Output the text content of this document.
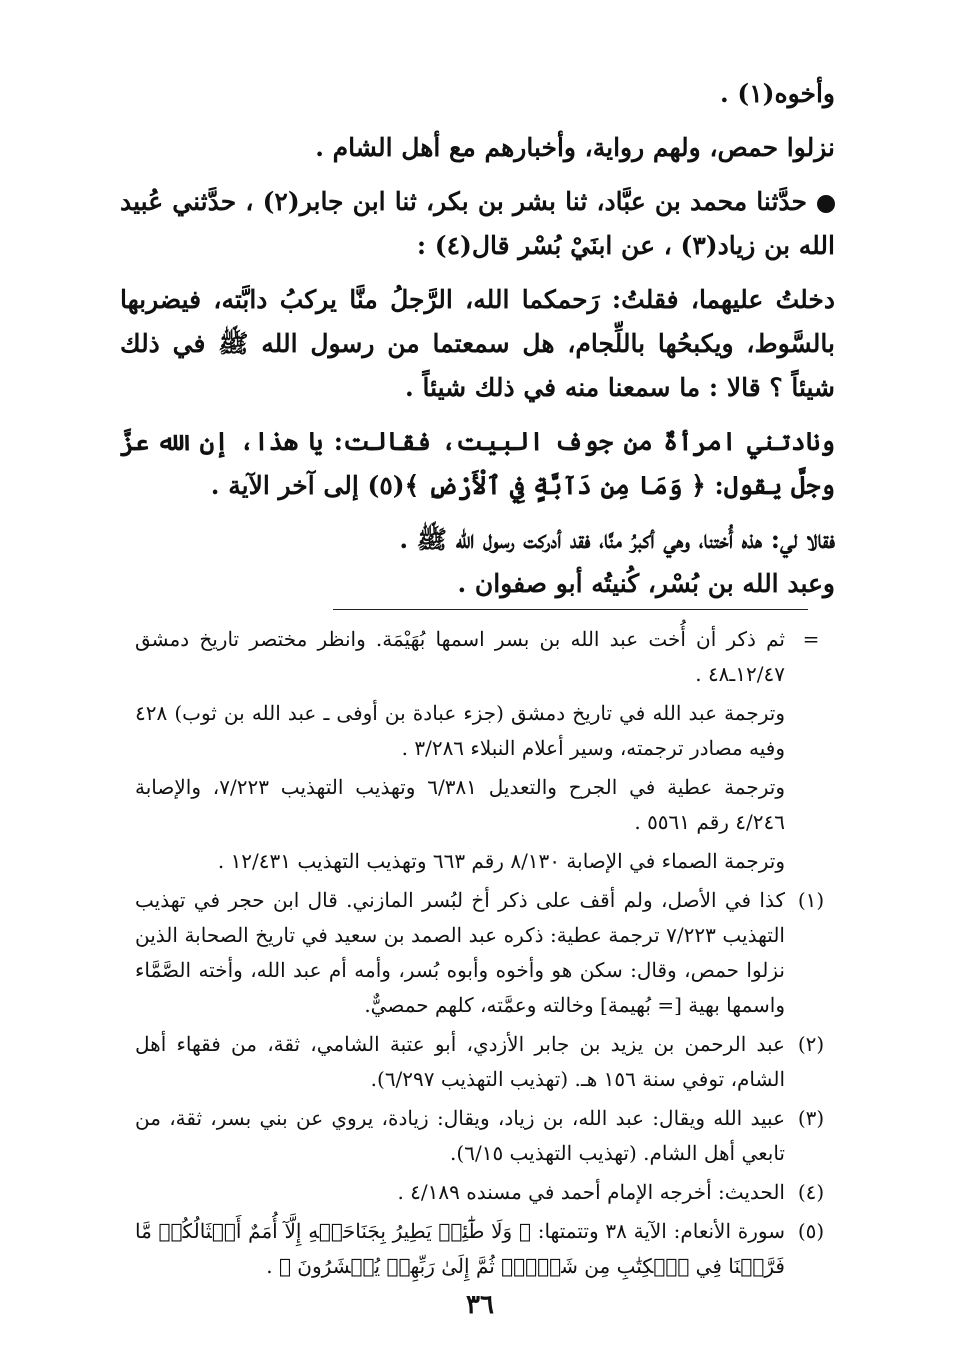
وأخوه(١) .

نزلوا حمص، ولهم رواية، وأخبارهم مع أهل الشام .

حدَّثنا محمد بن عبَّاد، ثنا بشر بن بكر، ثنا ابن جابر(٢) ، حدَّثني عُبيد الله بن زياد(٣) ، عن ابنَيْ بُسْر قال(٤) :

دخلتُ عليهما، فقلتُ: رَحمكما الله، الرَّجلُ منَّا يركبُ دابَّته، فيضربها بالسَّوط، ويكبحُها باللِّجام، هل سمعتما من رسول الله ﷺ في ذلك شيئاً ؟ قالا : ما سمعنا منه في ذلك شيئاً .

ونادتني امرأةٌ من جوف البيت، فقالت: يا هذا، إن الله عزَّ وجلَّ يقول: ﴿ وَمَا مِن دَآبَّةٍ فِي ٱلْأَرْضِ ﴾(٥) إلى آخر الآية .

فقالا لي: هذه أُختنا، وهي أكبرُ منَّا، فقد أدركت رسول الله ﷺ .

وعبد الله بن بُسْر، كُنيتُه أبو صفوان .

=
ثم ذكر أن أُخت عبد الله بن بسر اسمها بُهَيْمَة. وانظر مختصر تاريخ دمشق ١٢/٤٧ـ٤٨ .
وترجمة عبد الله في تاريخ دمشق (جزء عبادة بن أوفى ـ عبد الله بن ثوب) ٤٢٨ وفيه مصادر ترجمته، وسير أعلام النبلاء ٣/٢٨٦ .
وترجمة عطية في الجرح والتعديل ٦/٣٨١ وتهذيب التهذيب ٧/٢٢٣، والإصابة ٤/٢٤٦ رقم ٥٥٦١ .
وترجمة الصماء في الإصابة ٨/١٣٠ رقم ٦٦٣ وتهذيب التهذيب ١٢/٤٣١ .
(١)
كذا في الأصل، ولم أقف على ذكر أخ لبُسر المازني. قال ابن حجر في تهذيب التهذيب ٧/٢٢٣ ترجمة عطية: ذكره عبد الصمد بن سعيد في تاريخ الصحابة الذين نزلوا حمص، وقال: سكن هو وأخوه وأبوه بُسر، وأمه أم عبد الله، وأخته الصَّمَّاء واسمها بهية [= بُهيمة] وخالته وعمَّته، كلهم حمصيٌّ.
(٢)
عبد الرحمن بن يزيد بن جابر الأزدي، أبو عتبة الشامي، ثقة، من فقهاء أهل الشام، توفي سنة ١٥٦ هـ. (تهذيب التهذيب ٦/٢٩٧).
(٣)
عبيد الله ويقال: عبد الله، بن زياد، ويقال: زيادة، يروي عن بني بسر، ثقة، من تابعي أهل الشام. (تهذيب التهذيب ٦/١٥).
(٤)
الحديث: أخرجه الإمام أحمد في مسنده ٤/١٨٩ .
(٥)
سورة الأنعام: الآية ٣٨ وتتمتها: ﴿ وَلَا طَٰٓئِرٖ يَطِيرُ بِجَنَاحَيۡهِ إِلَّآ أُمَمٌ أَمۡثَالُكُمۚ مَّا فَرَّطۡنَا فِي ٱلۡكِتَٰبِ مِن شَيۡءٖۚ ثُمَّ إِلَىٰ رَبِّهِمۡ يُحۡشَرُونَ ﴾ .
٣٦
